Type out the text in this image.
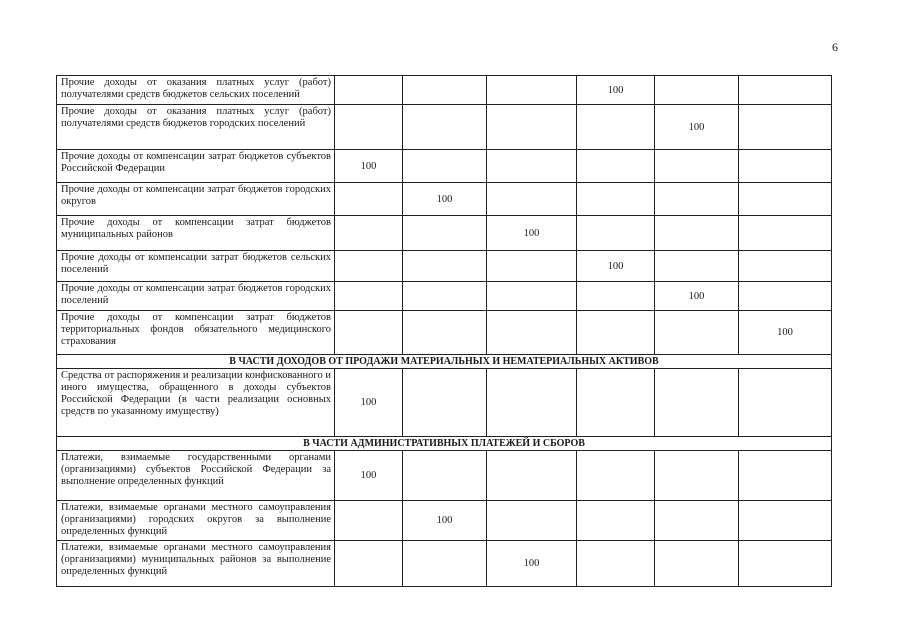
6
Прочие доходы от оказания платных услуг (работ) получателями средств бюджетов сельских поселений				100		
Прочие доходы от оказания платных услуг (работ) получателями средств бюджетов городских поселений					100	
Прочие доходы от компенсации затрат бюджетов субъектов Российской Федерации	100					
Прочие доходы от компенсации затрат бюджетов городских округов		100				
Прочие доходы от компенсации затрат бюджетов муниципальных районов			100			
Прочие доходы от компенсации затрат бюджетов сельских поселений				100		
Прочие доходы от компенсации затрат бюджетов городских поселений					100	
Прочие доходы от компенсации затрат бюджетов территориальных фондов обязательного медицинского страхования						100
В ЧАСТИ ДОХОДОВ ОТ ПРОДАЖИ МАТЕРИАЛЬНЫХ И НЕМАТЕРИАЛЬНЫХ АКТИВОВ						
Средства от распоряжения и реализации конфискованного и иного имущества, обращенного в доходы субъектов Российской Федерации (в части реализации основных средств по указанному имуществу)	100					
В ЧАСТИ АДМИНИСТРАТИВНЫХ ПЛАТЕЖЕЙ И СБОРОВ						
Платежи, взимаемые государственными органами (организациями) субъектов Российской Федерации за выполнение определенных функций	100					
Платежи, взимаемые органами местного самоуправления (организациями) городских округов за выполнение определенных функций		100				
Платежи, взимаемые органами местного самоуправления (организациями) муниципальных районов за выполнение определенных функций			100			
